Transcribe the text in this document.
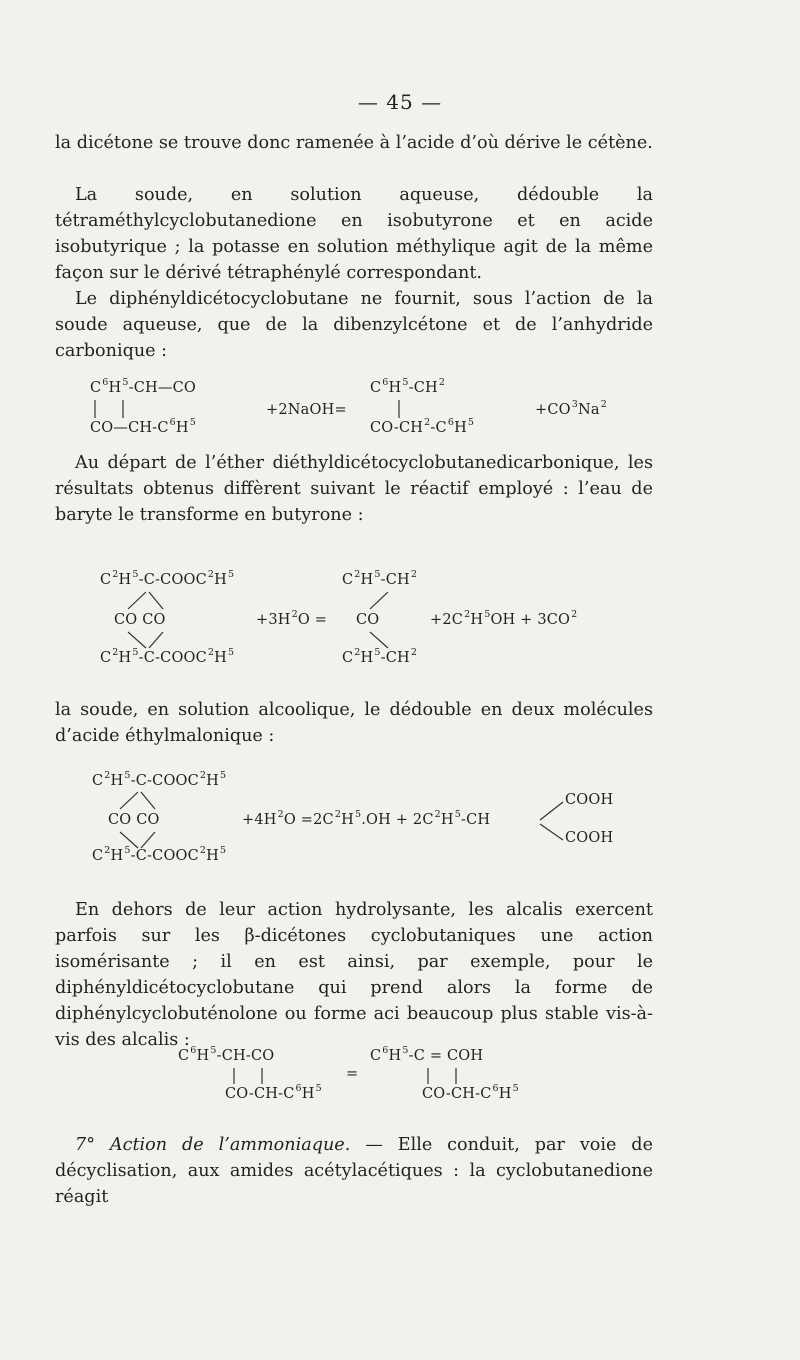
— 45 —

la dicétone se trouve donc ramenée à l’acide d’où dérive le cétène.

La soude, en solution aqueuse, dédouble la tétraméthylcyclobutanedione en isobutyrone et en acide isobutyrique ; la potasse en solution méthylique agit de la même façon sur le dérivé tétraphénylé correspondant.

Le diphényldicétocyclobutane ne fournit, sous l’action de la soude aqueuse, que de la dibenzylcétone et de l’anhydride carbonique :

$C^6H^5-CH—CO$
$CO—CH-C^6H^5$
+2NaOH=
$C^6H^5-CH^2$
$CO-CH^2-C^6H^5$
$+CO^3Na^2$

Au départ de l’éther diéthyldicétocyclobutanedicarbonique, les résultats obtenus diffèrent suivant le réactif employé : l’eau de baryte le transforme en butyrone :

$C^2H^5-C-COOC^2H^5$
CO CO
$C^2H^5-C-COOC^2H^5$
$+3H^2O$ =
$C^2H^5-CH^2$
CO
$C^2H^5-CH^2$
$+2C^2H^5OH + 3CO^2$

la soude, en solution alcoolique, le dédouble en deux molécules d’acide éthylmalonique :

$C^2H^5-C-COOC^2H^5$
CO CO
$C^2H^5-C-COOC^2H^5$
$+4H^2O =2C^2H^5.OH + 2C^2H^5-CH$
COOH
COOH

En dehors de leur action hydrolysante, les alcalis exercent parfois sur les β-dicétones cyclobutaniques une action isomérisante ; il en est ainsi, par exemple, pour le diphényldicétocyclobutane qui prend alors la forme de diphénylcyclobuténolone ou forme aci beaucoup plus stable vis-à-vis des alcalis :

$C^6H^5-CH-CO$
$CO-CH-C^6H^5$
=
$C^6H^5-C$ = COH
$CO-CH-C^6H^5$

7° Action de l’ammoniaque. — Elle conduit, par voie de décyclisation, aux amides acétylacétiques : la cyclobutanedione réagit
